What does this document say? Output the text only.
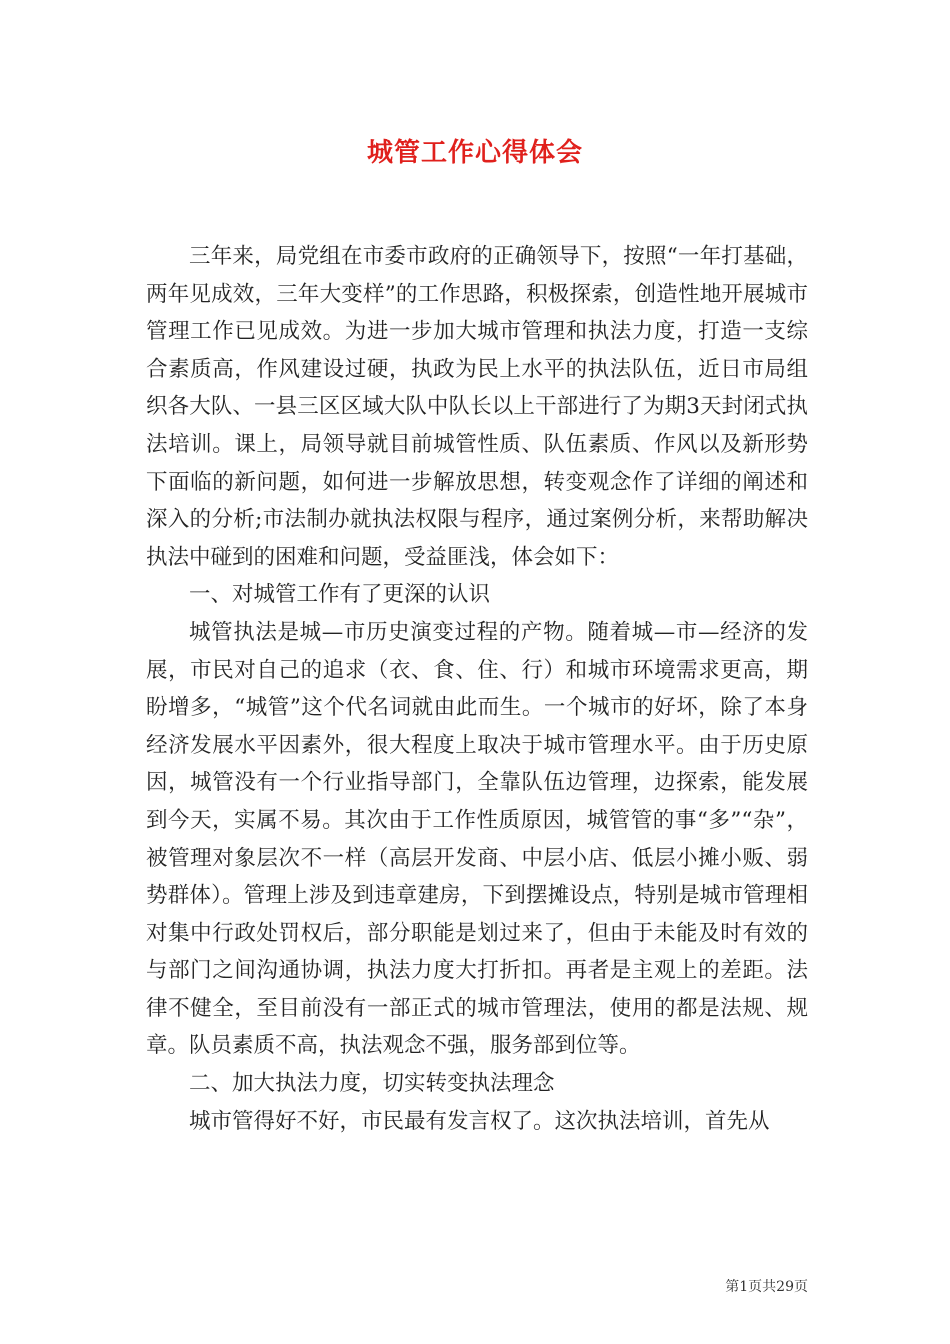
城管工作心得体会

三年来，局党组在市委市政府的正确领导下，按照“一年打基础，两年见成效，三年大变样”的工作思路，积极探索，创造性地开展城市管理工作已见成效。为进一步加大城市管理和执法力度，打造一支综合素质高，作风建设过硬，执政为民上水平的执法队伍，近日市局组织各大队、一县三区区域大队中队长以上干部进行了为期3天封闭式执法培训。课上，局领导就目前城管性质、队伍素质、作风以及新形势下面临的新问题，如何进一步解放思想，转变观念作了详细的阐述和深入的分析;市法制办就执法权限与程序，通过案例分析，来帮助解决执法中碰到的困难和问题，受益匪浅，体会如下：

一、对城管工作有了更深的认识

城管执法是城—市历史演变过程的产物。随着城—市—经济的发展，市民对自己的追求（衣、食、住、行）和城市环境需求更高，期盼增多，“城管”这个代名词就由此而生。一个城市的好坏，除了本身经济发展水平因素外，很大程度上取决于城市管理水平。由于历史原因，城管没有一个行业指导部门，全靠队伍边管理，边探索，能发展到今天，实属不易。其次由于工作性质原因，城管管的事“多”“杂”，被管理对象层次不一样（高层开发商、中层小店、低层小摊小贩、弱势群体）。管理上涉及到违章建房，下到摆摊设点，特别是城市管理相对集中行政处罚权后，部分职能是划过来了，但由于未能及时有效的与部门之间沟通协调，执法力度大打折扣。再者是主观上的差距。法律不健全，至目前没有一部正式的城市管理法，使用的都是法规、规章。队员素质不高，执法观念不强，服务部到位等。

二、加大执法力度，切实转变执法理念

城市管得好不好，市民最有发言权了。这次执法培训，首先从

第1页共29页
